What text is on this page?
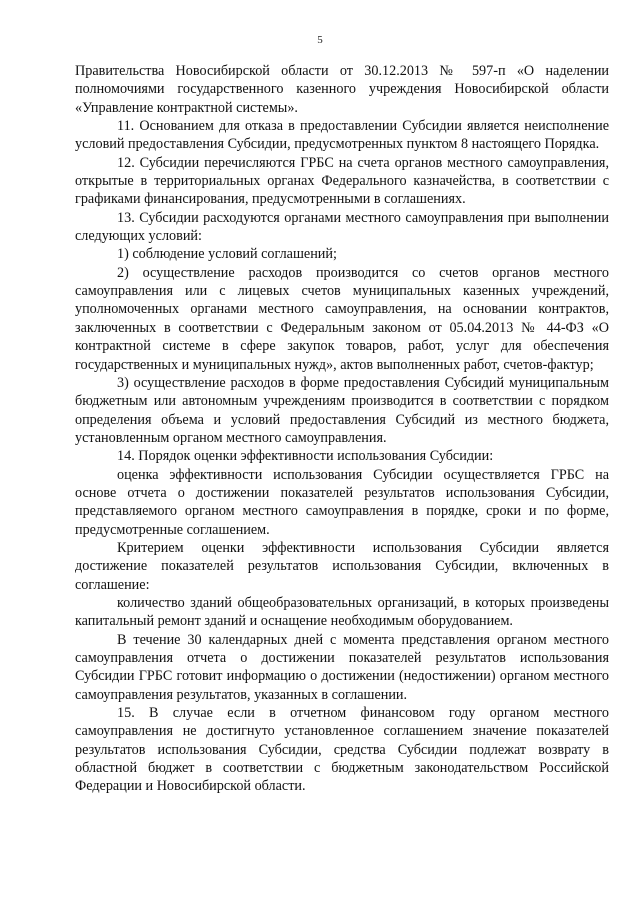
5

Правительства Новосибирской области от 30.12.2013 № 597-п «О наделении полномочиями государственного казенного учреждения Новосибирской области «Управление контрактной системы».

11. Основанием для отказа в предоставлении Субсидии является неисполнение условий предоставления Субсидии, предусмотренных пунктом 8 настоящего Порядка.

12. Субсидии перечисляются ГРБС на счета органов местного самоуправления, открытые в территориальных органах Федерального казначейства, в соответствии с графиками финансирования, предусмотренными в соглашениях.

13. Субсидии расходуются органами местного самоуправления при выполнении следующих условий:

1) соблюдение условий соглашений;

2) осуществление расходов производится со счетов органов местного самоуправления или с лицевых счетов муниципальных казенных учреждений, уполномоченных органами местного самоуправления, на основании контрактов, заключенных в соответствии с Федеральным законом от 05.04.2013 № 44-ФЗ «О контрактной системе в сфере закупок товаров, работ, услуг для обеспечения государственных и муниципальных нужд», актов выполненных работ, счетов-фактур;

3) осуществление расходов в форме предоставления Субсидий муниципальным бюджетным или автономным учреждениям производится в соответствии с порядком определения объема и условий предоставления Субсидий из местного бюджета, установленным органом местного самоуправления.

14. Порядок оценки эффективности использования Субсидии:

оценка эффективности использования Субсидии осуществляется ГРБС на основе отчета о достижении показателей результатов использования Субсидии, представляемого органом местного самоуправления в порядке, сроки и по форме, предусмотренные соглашением.

Критерием оценки эффективности использования Субсидии является достижение показателей результатов использования Субсидии, включенных в соглашение:

количество зданий общеобразовательных организаций, в которых произведены капитальный ремонт зданий и оснащение необходимым оборудованием.

В течение 30 календарных дней с момента представления органом местного самоуправления отчета о достижении показателей результатов использования Субсидии ГРБС готовит информацию о достижении (недостижении) органом местного самоуправления результатов, указанных в соглашении.

15. В случае если в отчетном финансовом году органом местного самоуправления не достигнуто установленное соглашением значение показателей результатов использования Субсидии, средства Субсидии подлежат возврату в областной бюджет в соответствии с бюджетным законодательством Российской Федерации и Новосибирской области.
